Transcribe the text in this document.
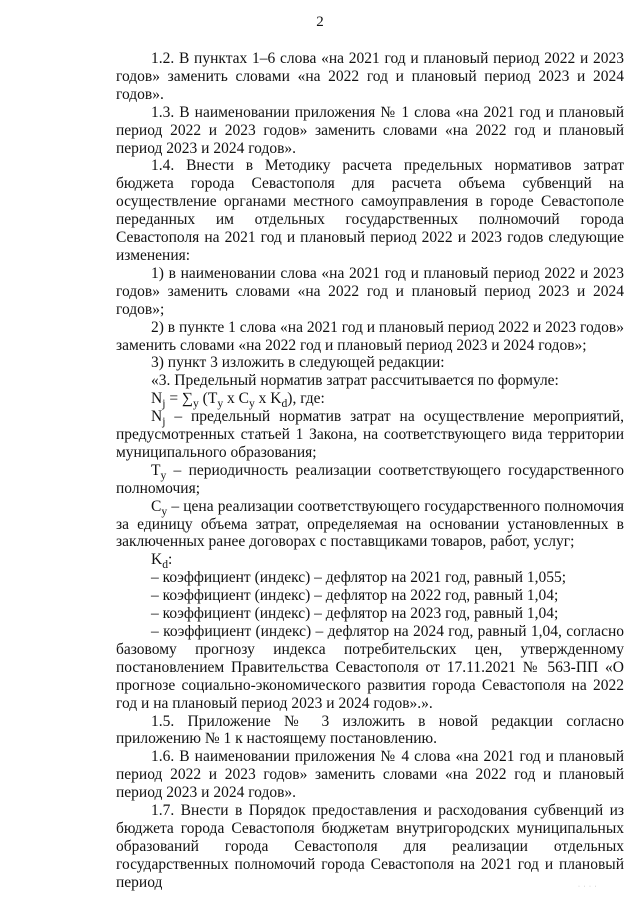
2

1.2. В пунктах 1–6 слова «на 2021 год и плановый период 2022 и 2023 годов» заменить словами «на 2022 год и плановый период 2023 и 2024 годов».

1.3. В наименовании приложения № 1 слова «на 2021 год и плановый период 2022 и 2023 годов» заменить словами «на 2022 год и плановый период 2023 и 2024 годов».

1.4. Внести в Методику расчета предельных нормативов затрат бюджета города Севастополя для расчета объема субвенций на осуществление органами местного самоуправления в городе Севастополе переданных им отдельных государственных полномочий города Севастополя на 2021 год и плановый период 2022 и 2023 годов следующие изменения:

1) в наименовании слова «на 2021 год и плановый период 2022 и 2023 годов» заменить словами «на 2022 год и плановый период 2023 и 2024 годов»;

2) в пункте 1 слова «на 2021 год и плановый период 2022 и 2023 годов» заменить словами «на 2022 год и плановый период 2023 и 2024 годов»;

3) пункт 3 изложить в следующей редакции:

«3. Предельный норматив затрат рассчитывается по формуле:

$N_j = \sum_y$ ($T_y$ x $C_y$ x $K_d$), где:

$N_j$ – предельный норматив затрат на осуществление мероприятий, предусмотренных статьей 1 Закона, на соответствующего вида территории муниципального образования;

$T_y$ – периодичность реализации соответствующего государственного полномочия;

$C_y$ – цена реализации соответствующего государственного полномочия за единицу объема затрат, определяемая на основании установленных в заключенных ранее договорах с поставщиками товаров, работ, услуг;

$K_d$:

– коэффициент (индекс) – дефлятор на 2021 год, равный 1,055;

– коэффициент (индекс) – дефлятор на 2022 год, равный 1,04;

– коэффициент (индекс) – дефлятор на 2023 год, равный 1,04;

– коэффициент (индекс) – дефлятор на 2024 год, равный 1,04, согласно базовому прогнозу индекса потребительских цен, утвержденному постановлением Правительства Севастополя от 17.11.2021 № 563-ПП «О прогнозе социально-экономического развития города Севастополя на 2022 год и на плановый период 2023 и 2024 годов».».

1.5. Приложение № 3 изложить в новой редакции согласно приложению № 1 к настоящему постановлению.

1.6. В наименовании приложения № 4 слова «на 2021 год и плановый период 2022 и 2023 годов» заменить словами «на 2022 год и плановый период 2023 и 2024 годов».

1.7. Внести в Порядок предоставления и расходования субвенций из бюджета города Севастополя бюджетам внутригородских муниципальных образований города Севастополя для реализации отдельных государственных полномочий города Севастополя на 2021 год и плановый период	· · · ·
